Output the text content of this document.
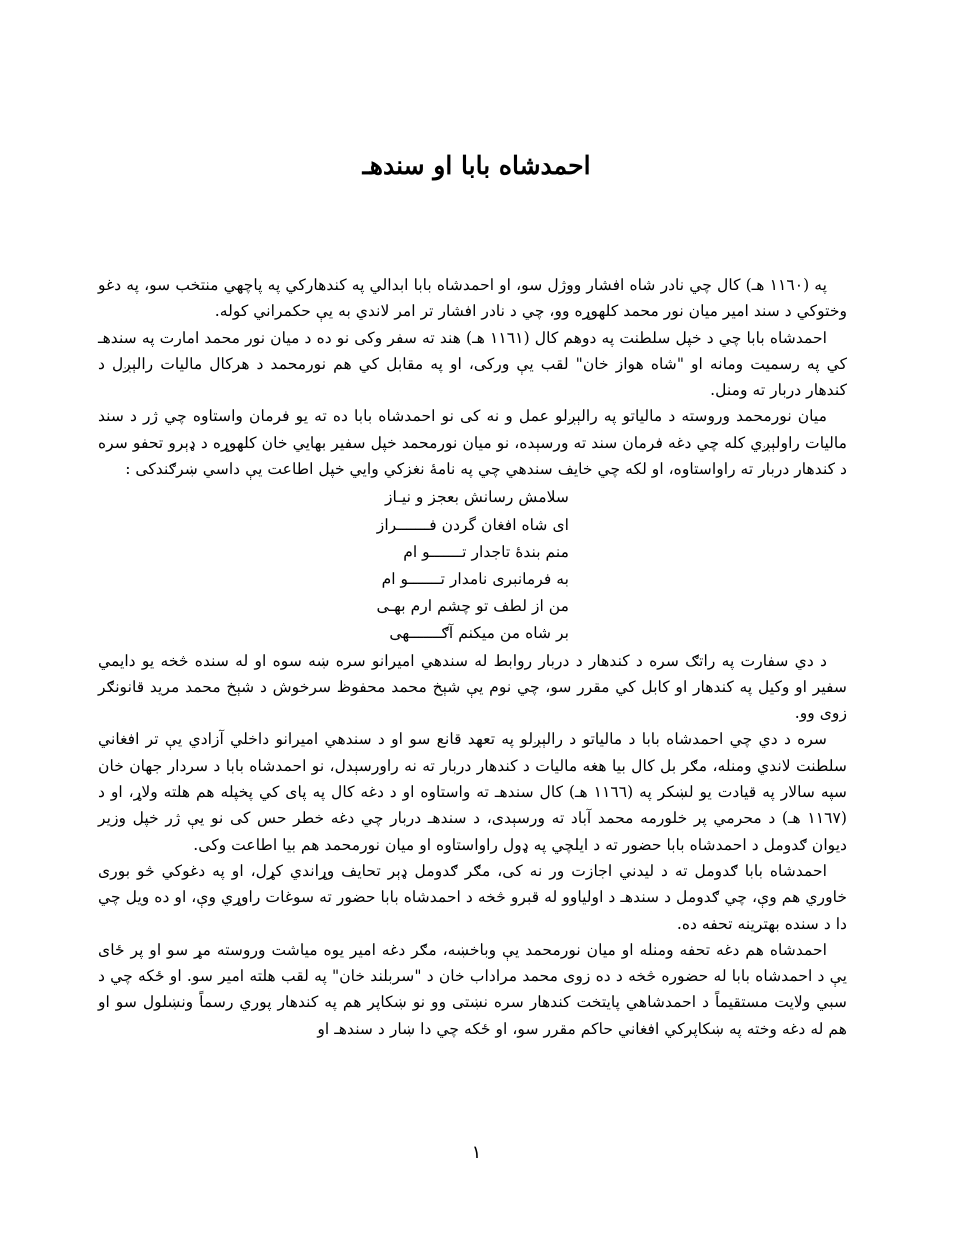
احمدشاه بابا او سندهـ

په (۱۱٦۰ هـ) کال چي نادر شاه افشار ووژل سو، او احمدشاه بابا ابدالي په کندهارکي په پاچهي منتخب سو، په دغو وختوکي د سند امير ميان نور محمد کلهوړه وو، چي د نادر افشار تر امر لاندي به يې حکمراني کوله.

احمدشاه بابا چي د خپل سلطنت په دوهم کال (۱۱٦۱ هـ) هند ته سفر وکی نو ده د ميان نور محمد امارت په سندهـ کي په رسميت ومانه او "شاه هواز خان" لقب يې ورکی، او په مقابل کي هم نورمحمد د هرکال ماليات رالېږل د کندهار دربار ته ومنل.

ميان نورمحمد وروسته د مالياتو په رالېږلو عمل و نه کی نو احمدشاه بابا ده ته يو فرمان واستاوه چي ژر د سند ماليات راولېږي کله چي دغه فرمان سند ته ورسېده، نو ميان نورمحمد خپل سفير بهايي خان کلهوړه د ډېرو تحفو سره د کندهار دربار ته راواستاوه، او لکه چي خايف سندهي چي په نامهٔ نغزکي وايي خپل اطاعت يې داسي ښرګندکی :

سلامش رسانش بعجز و نيـاز

ای شاه افغان گردن فـــــــراز

منم بندهٔ تاجدار تـــــــو ام

به فرمانبری نامدار تـــــــو ام

من از لطف تو چشم ارم بهـی

بر شاه من ميکنم آګـــــــهی

د دي سفارت په راتګ سره د کندهار د دربار روابط له سندهي اميرانو سره ښه سوه او له سنده څخه يو دايمي سفير او وکيل په کندهار او کابل کي مقرر سو، چي نوم يې شېخ محمد محفوظ سرخوش د شېخ محمد مريد قانونګر زوی وو.

سره د دي چي احمدشاه بابا د مالياتو د رالېږلو په تعهد قانع سو او د سندهي اميرانو داخلي آزادي يې تر افغاني سلطنت لاندي ومنله، مګر بل کال بيا هغه ماليات د کندهار دربار ته نه راورسېدل، نو احمدشاه بابا د سردار جهان خان سپه سالار په قيادت يو لښکر په (۱۱٦٦ هـ) کال سندهـ ته واستاوه او د دغه کال په پای کي پخپله هم هلته ولاړ، او د (۱۱٦۷ هـ) د محرمي پر خلورمه محمد آباد ته ورسېدی، د سندهـ دربار چي دغه خطر حس کی نو يې ژر خپل وزير ديوان ګدومل د احمدشاه بابا حضور ته د ايلچي په ډول راواستاوه او ميان نورمحمد هم بيا اطاعت وکی.

احمدشاه بابا ګدومل ته د ليدني اجازت ور نه کی، مګر ګدومل ډېر تحايف وړاندي کړل، او په دغوکي څو بوری خاوري هم وې، چي ګدومل د سندهـ د اولياوو له قبرو څخه د احمدشاه بابا حضور ته سوغات راوړي وې، او ده ويل چي دا د سنده بهترينه تحفه ده.

احمدشاه هم دغه تحفه ومنله او ميان نورمحمد يې وباخښه، مګر دغه امير يوه مياشت وروسته مړ سو او پر ځای يې د احمدشاه بابا له حضوره څخه د ده زوی محمد مراداب خان د "سربلند خان" په لقب هلته امير سو. او ځکه چي د سبي ولايت مستقيماً د احمدشاهي پايتخت کندهار سره نښتی وو نو ښکاپر هم په کندهار پوري رسماً ونښلول سو او هم له دغه وخته په ښکاپرکي افغاني حاکم مقرر سو، او ځکه چي دا ښار د سندهـ او

۱
